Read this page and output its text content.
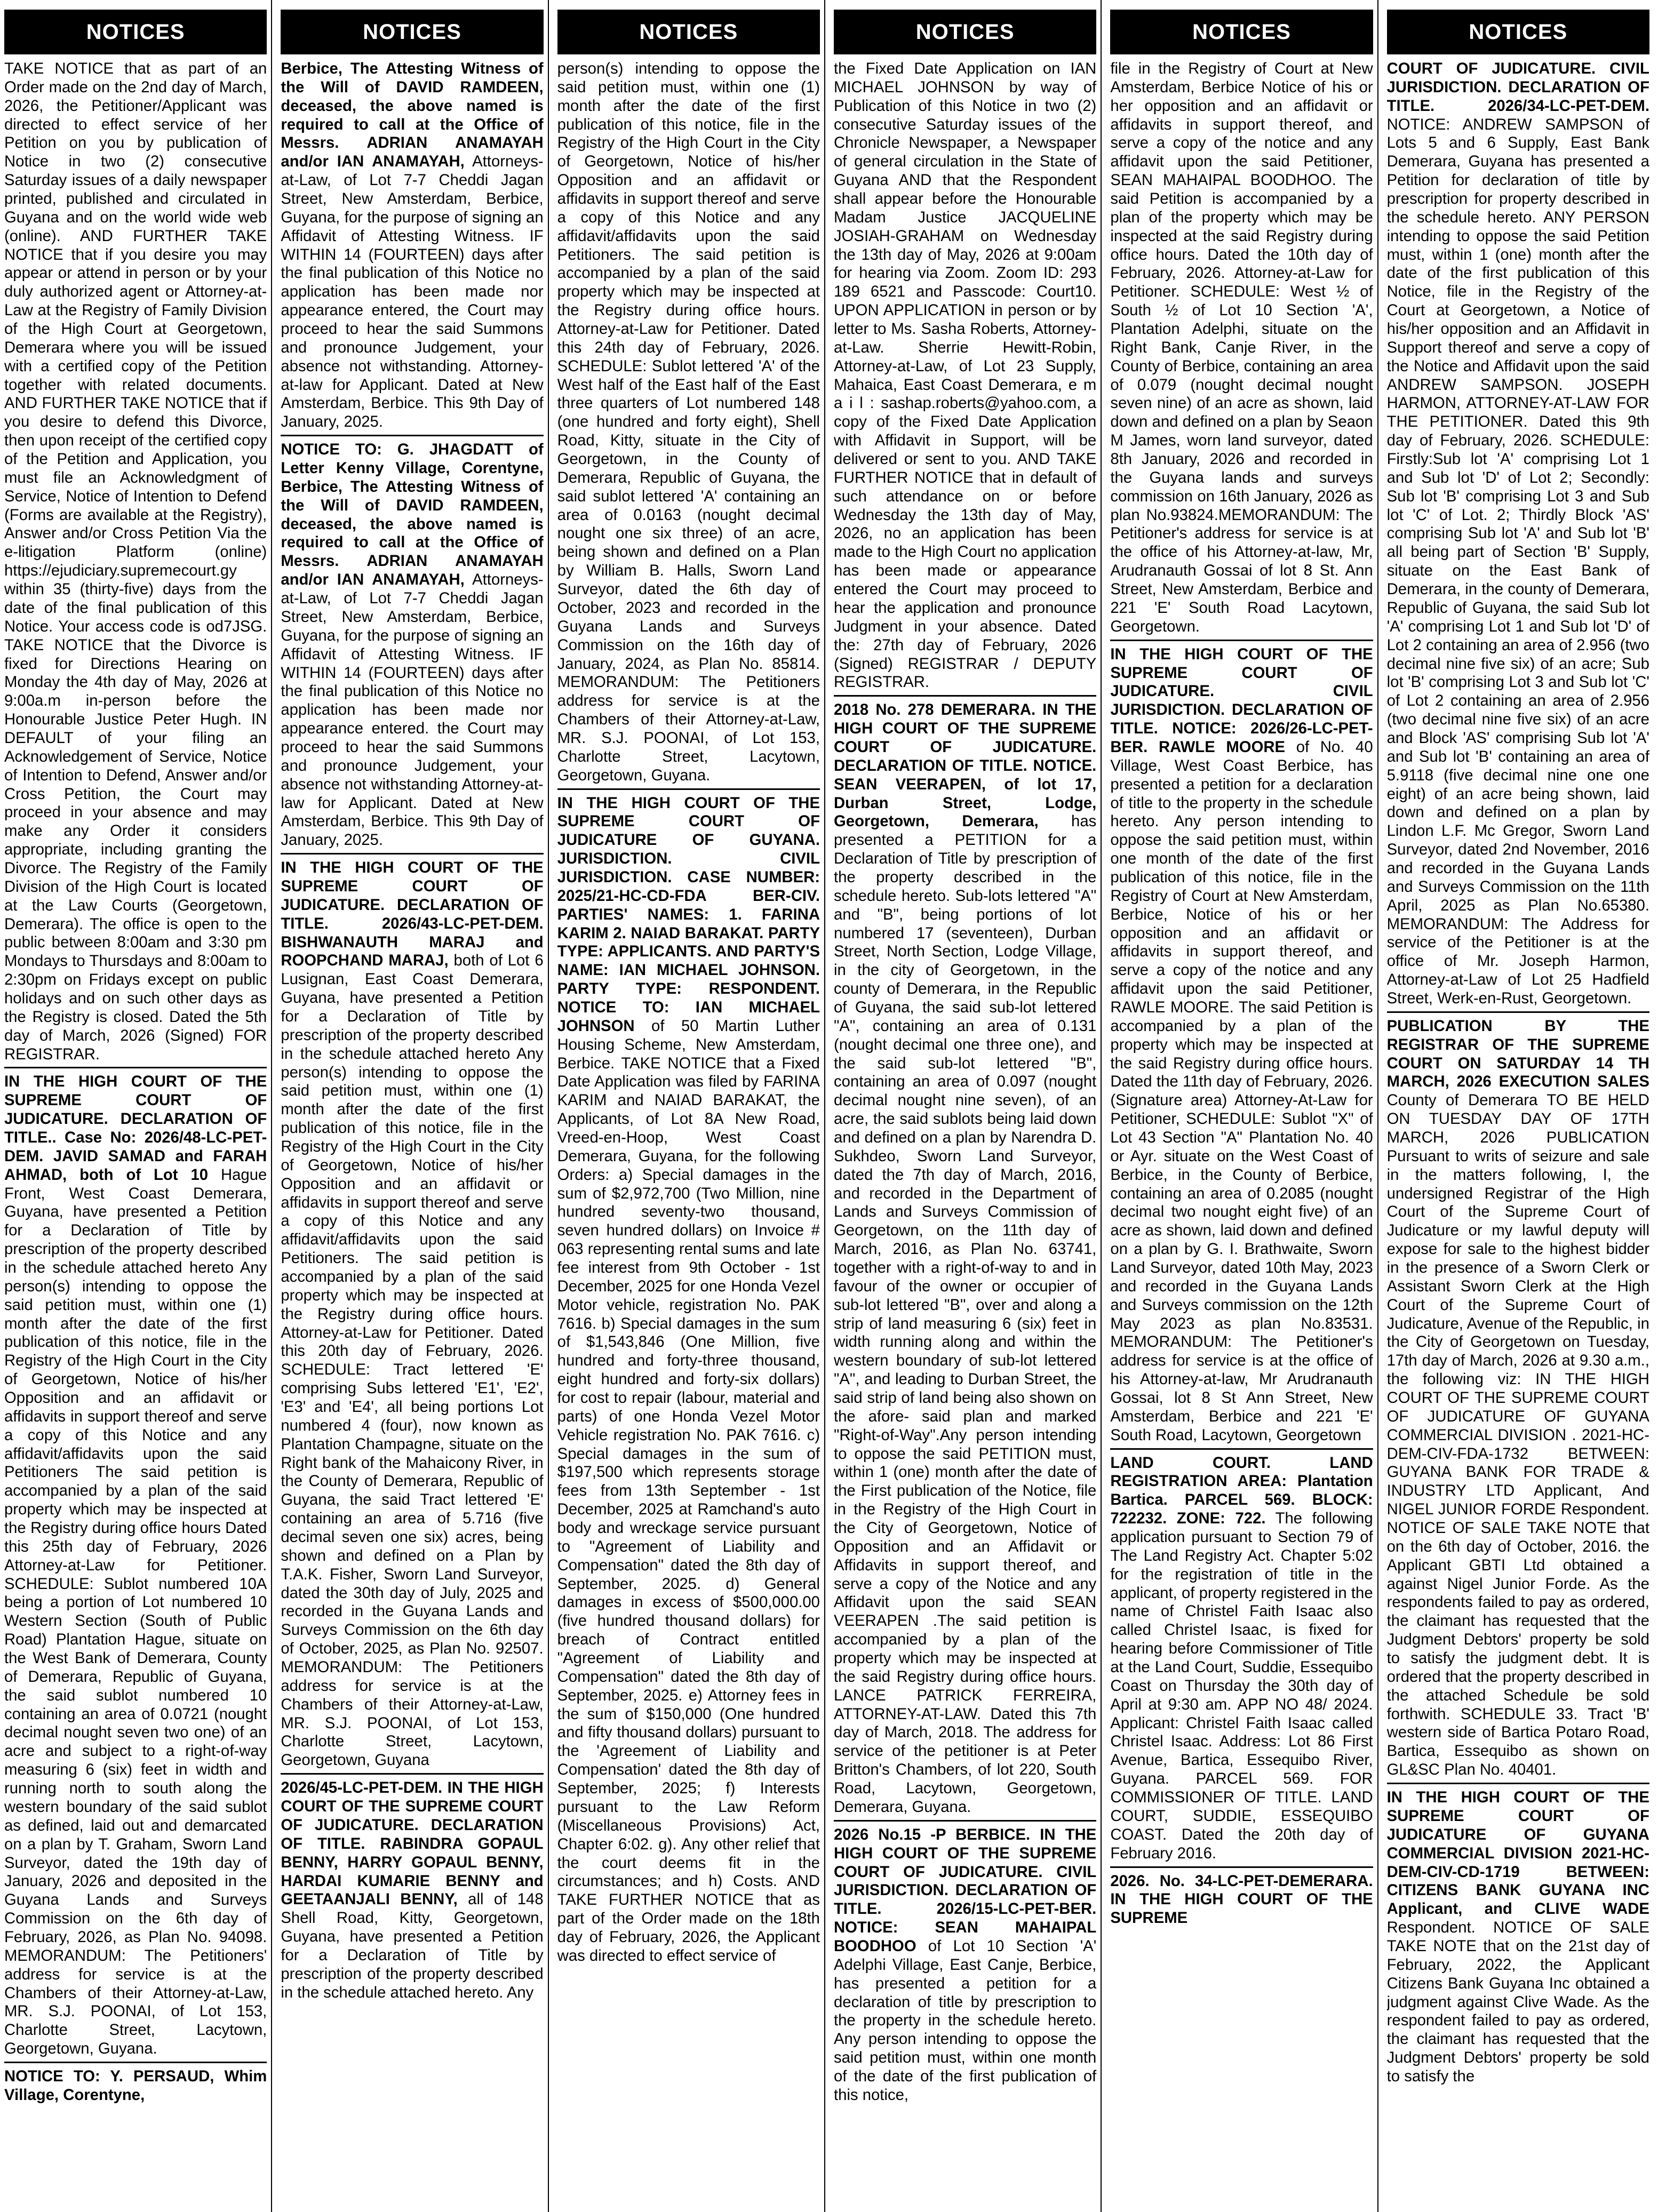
NOTICES
TAKE NOTICE that as part of an Order made on the 2nd day of March, 2026, the Petitioner/Applicant was directed to effect service of her Petition on you by publication of Notice in two (2) consecutive Saturday issues of a daily newspaper printed, published and circulated in Guyana and on the world wide web (online). AND FURTHER TAKE NOTICE that if you desire you may appear or attend in person or by your duly authorized agent or Attorney-at-Law at the Registry of Family Division of the High Court at Georgetown, Demerara where you will be issued with a certified copy of the Petition together with related documents. AND FURTHER TAKE NOTICE that if you desire to defend this Divorce, then upon receipt of the certified copy of the Petition and Application, you must file an Acknowledgment of Service, Notice of Intention to Defend (Forms are available at the Registry), Answer and/or Cross Petition Via the e-litigation Platform (online) https://ejudiciary.supremecourt.gy within 35 (thirty-five) days from the date of the final publication of this Notice. Your access code is od7JSG. TAKE NOTICE that the Divorce is fixed for Directions Hearing on Monday the 4th day of May, 2026 at 9:00a.m in-person before the Honourable Justice Peter Hugh. IN DEFAULT of your filing an Acknowledgement of Service, Notice of Intention to Defend, Answer and/or Cross Petition, the Court may proceed in your absence and may make any Order it considers appropriate, including granting the Divorce. The Registry of the Family Division of the High Court is located at the Law Courts (Georgetown, Demerara). The office is open to the public between 8:00am and 3:30 pm Mondays to Thursdays and 8:00am to 2:30pm on Fridays except on public holidays and on such other days as the Registry is closed. Dated the 5th day of March, 2026 (Signed) FOR REGISTRAR.
IN THE HIGH COURT OF THE SUPREME COURT OF JUDICATURE. DECLARATION OF TITLE.. Case No: 2026/48-LC-PET-DEM. JAVID SAMAD and FARAH AHMAD, both of Lot 10 Hague Front, West Coast Demerara, Guyana, have presented a Petition for a Declaration of Title by prescription of the property described in the schedule attached hereto Any person(s) intending to oppose the said petition must, within one (1) month after the date of the first publication of this notice, file in the Registry of the High Court in the City of Georgetown, Notice of his/her Opposition and an affidavit or affidavits in support thereof and serve a copy of this Notice and any affidavit/affidavits upon the said Petitioners The said petition is accompanied by a plan of the said property which may be inspected at the Registry during office hours Dated this 25th day of February, 2026 Attorney-at-Law for Petitioner. SCHEDULE: Sublot numbered 10A being a portion of Lot numbered 10 Western Section (South of Public Road) Plantation Hague, situate on the West Bank of Demerara, County of Demerara, Republic of Guyana, the said sublot numbered 10 containing an area of 0.0721 (nought decimal nought seven two one) of an acre and subject to a right-of-way measuring 6 (six) feet in width and running north to south along the western boundary of the said sublot as defined, laid out and demarcated on a plan by T. Graham, Sworn Land Surveyor, dated the 19th day of January, 2026 and deposited in the Guyana Lands and Surveys Commission on the 6th day of February, 2026, as Plan No. 94098. MEMORANDUM: The Petitioners' address for service is at the Chambers of their Attorney-at-Law, MR. S.J. POONAI, of Lot 153, Charlotte Street, Lacytown, Georgetown, Guyana.
NOTICE TO: Y. PERSAUD, Whim Village, Corentyne,
NOTICES
Berbice, The Attesting Witness of the Will of DAVID RAMDEEN, deceased, the above named is required to call at the Office of Messrs. ADRIAN ANAMAYAH and/or IAN ANAMAYAH, Attorneys-at-Law, of Lot 7-7 Cheddi Jagan Street, New Amsterdam, Berbice, Guyana, for the purpose of signing an Affidavit of Attesting Witness. IF WITHIN 14 (FOURTEEN) days after the final publication of this Notice no application has been made nor appearance entered, the Court may proceed to hear the said Summons and pronounce Judgement, your absence not withstanding. Attorney-at-law for Applicant. Dated at New Amsterdam, Berbice. This 9th Day of January, 2025.
NOTICE TO: G. JHAGDATT of Letter Kenny Village, Corentyne, Berbice, The Attesting Witness of the Will of DAVID RAMDEEN, deceased, the above named is required to call at the Office of Messrs. ADRIAN ANAMAYAH and/or IAN ANAMAYAH, Attorneys-at-Law, of Lot 7-7 Cheddi Jagan Street, New Amsterdam, Berbice, Guyana, for the purpose of signing an Affidavit of Attesting Witness. IF WITHIN 14 (FOURTEEN) days after the final publication of this Notice no application has been made nor appearance entered. the Court may proceed to hear the said Summons and pronounce Judgement, your absence not withstanding Attorney-at-law for Applicant. Dated at New Amsterdam, Berbice. This 9th Day of January, 2025.
IN THE HIGH COURT OF THE SUPREME COURT OF JUDICATURE. DECLARATION OF TITLE. 2026/43-LC-PET-DEM. BISHWANAUTH MARAJ and ROOPCHAND MARAJ, both of Lot 6 Lusignan, East Coast Demerara, Guyana, have presented a Petition for a Declaration of Title by prescription of the property described in the schedule attached hereto Any person(s) intending to oppose the said petition must, within one (1) month after the date of the first publication of this notice, file in the Registry of the High Court in the City of Georgetown, Notice of his/her Opposition and an affidavit or affidavits in support thereof and serve a copy of this Notice and any affidavit/affidavits upon the said Petitioners. The said petition is accompanied by a plan of the said property which may be inspected at the Registry during office hours. Attorney-at-Law for Petitioner. Dated this 20th day of February, 2026. SCHEDULE: Tract lettered 'E' comprising Subs lettered 'E1', 'E2', 'E3' and 'E4', all being portions Lot numbered 4 (four), now known as Plantation Champagne, situate on the Right bank of the Mahaicony River, in the County of Demerara, Republic of Guyana, the said Tract lettered 'E' containing an area of 5.716 (five decimal seven one six) acres, being shown and defined on a Plan by T.A.K. Fisher, Sworn Land Surveyor, dated the 30th day of July, 2025 and recorded in the Guyana Lands and Surveys Commission on the 6th day of October, 2025, as Plan No. 92507. MEMORANDUM: The Petitioners address for service is at the Chambers of their Attorney-at-Law, MR. S.J. POONAI, of Lot 153, Charlotte Street, Lacytown, Georgetown, Guyana
2026/45-LC-PET-DEM. IN THE HIGH COURT OF THE SUPREME COURT OF JUDICATURE. DECLARATION OF TITLE. RABINDRA GOPAUL BENNY, HARRY GOPAUL BENNY, HARDAI KUMARIE BENNY and GEETAANJALI BENNY, all of 148 Shell Road, Kitty, Georgetown, Guyana, have presented a Petition for a Declaration of Title by prescription of the property described in the schedule attached hereto. Any
NOTICES
person(s) intending to oppose the said petition must, within one (1) month after the date of the first publication of this notice, file in the Registry of the High Court in the City of Georgetown, Notice of his/her Opposition and an affidavit or affidavits in support thereof and serve a copy of this Notice and any affidavit/affidavits upon the said Petitioners. The said petition is accompanied by a plan of the said property which may be inspected at the Registry during office hours. Attorney-at-Law for Petitioner. Dated this 24th day of February, 2026. SCHEDULE: Sublot lettered 'A' of the West half of the East half of the East three quarters of Lot numbered 148 (one hundred and forty eight), Shell Road, Kitty, situate in the City of Georgetown, in the County of Demerara, Republic of Guyana, the said sublot lettered 'A' containing an area of 0.0163 (nought decimal nought one six three) of an acre, being shown and defined on a Plan by William B. Halls, Sworn Land Surveyor, dated the 6th day of October, 2023 and recorded in the Guyana Lands and Surveys Commission on the 16th day of January, 2024, as Plan No. 85814. MEMORANDUM: The Petitioners address for service is at the Chambers of their Attorney-at-Law, MR. S.J. POONAI, of Lot 153, Charlotte Street, Lacytown, Georgetown, Guyana.
IN THE HIGH COURT OF THE SUPREME COURT OF JUDICATURE OF GUYANA. JURISDICTION. CIVIL JURISDICTION. CASE NUMBER: 2025/21-HC-CD-FDA BER-CIV. PARTIES' NAMES: 1. FARINA KARIM 2. NAIAD BARAKAT. PARTY TYPE: APPLICANTS. AND PARTY'S NAME: IAN MICHAEL JOHNSON. PARTY TYPE: RESPONDENT. NOTICE TO: IAN MICHAEL JOHNSON of 50 Martin Luther Housing Scheme, New Amsterdam, Berbice. TAKE NOTICE that a Fixed Date Application was filed by FARINA KARIM and NAIAD BARAKAT, the Applicants, of Lot 8A New Road, Vreed-en-Hoop, West Coast Demerara, Guyana, for the following Orders: a) Special damages in the sum of $2,972,700 (Two Million, nine hundred seventy-two thousand, seven hundred dollars) on Invoice # 063 representing rental sums and late fee interest from 9th October - 1st December, 2025 for one Honda Vezel Motor vehicle, registration No. PAK 7616. b) Special damages in the sum of $1,543,846 (One Million, five hundred and forty-three thousand, eight hundred and forty-six dollars) for cost to repair (labour, material and parts) of one Honda Vezel Motor Vehicle registration No. PAK 7616. c) Special damages in the sum of $197,500 which represents storage fees from 13th September - 1st December, 2025 at Ramchand's auto body and wreckage service pursuant to "Agreement of Liability and Compensation" dated the 8th day of September, 2025. d) General damages in excess of $500,000.00 (five hundred thousand dollars) for breach of Contract entitled "Agreement of Liability and Compensation" dated the 8th day of September, 2025. e) Attorney fees in the sum of $150,000 (One hundred and fifty thousand dollars) pursuant to the 'Agreement of Liability and Compensation' dated the 8th day of September, 2025; f) Interests pursuant to the Law Reform (Miscellaneous Provisions) Act, Chapter 6:02. g). Any other relief that the court deems fit in the circumstances; and h) Costs. AND TAKE FURTHER NOTICE that as part of the Order made on the 18th day of February, 2026, the Applicant was directed to effect service of
NOTICES
the Fixed Date Application on IAN MICHAEL JOHNSON by way of Publication of this Notice in two (2) consecutive Saturday issues of the Chronicle Newspaper, a Newspaper of general circulation in the State of Guyana AND that the Respondent shall appear before the Honourable Madam Justice JACQUELINE JOSIAH-GRAHAM on Wednesday the 13th day of May, 2026 at 9:00am for hearing via Zoom. Zoom ID: 293 189 6521 and Passcode: Court10. UPON APPLICATION in person or by letter to Ms. Sasha Roberts, Attorney-at-Law. Sherrie Hewitt-Robin, Attorney-at-Law, of Lot 23 Supply, Mahaica, East Coast Demerara, e m a i l : sashap.roberts@yahoo.com, a copy of the Fixed Date Application with Affidavit in Support, will be delivered or sent to you. AND TAKE FURTHER NOTICE that in default of such attendance on or before Wednesday the 13th day of May, 2026, no an application has been made to the High Court no application has been made or appearance entered the Court may proceed to hear the application and pronounce Judgment in your absence. Dated the: 27th day of February, 2026 (Signed) REGISTRAR / DEPUTY REGISTRAR.
2018 No. 278 DEMERARA. IN THE HIGH COURT OF THE SUPREME COURT OF JUDICATURE. DECLARATION OF TITLE. NOTICE. SEAN VEERAPEN, of lot 17, Durban Street, Lodge, Georgetown, Demerara, has presented a PETITION for a Declaration of Title by prescription of the property described in the schedule hereto. Sub-lots lettered "A" and "B", being portions of lot numbered 17 (seventeen), Durban Street, North Section, Lodge Village, in the city of Georgetown, in the county of Demerara, in the Republic of Guyana, the said sub-lot lettered "A", containing an area of 0.131 (nought decimal one three one), and the said sub-lot lettered "B", containing an area of 0.097 (nought decimal nought nine seven), of an acre, the said sublots being laid down and defined on a plan by Narendra D. Sukhdeo, Sworn Land Surveyor, dated the 7th day of March, 2016, and recorded in the Department of Lands and Surveys Commission of Georgetown, on the 11th day of March, 2016, as Plan No. 63741, together with a right-of-way to and in favour of the owner or occupier of sub-lot lettered "B", over and along a strip of land measuring 6 (six) feet in width running along and within the western boundary of sub-lot lettered "A", and leading to Durban Street, the said strip of land being also shown on the afore- said plan and marked "Right-of-Way".Any person intending to oppose the said PETITION must, within 1 (one) month after the date of the First publication of the Notice, file in the Registry of the High Court in the City of Georgetown, Notice of Opposition and an Affidavit or Affidavits in support thereof, and serve a copy of the Notice and any Affidavit upon the said SEAN VEERAPEN .The said petition is accompanied by a plan of the property which may be inspected at the said Registry during office hours. LANCE PATRICK FERREIRA, ATTORNEY-AT-LAW. Dated this 7th day of March, 2018. The address for service of the petitioner is at Peter Britton's Chambers, of lot 220, South Road, Lacytown, Georgetown, Demerara, Guyana.
2026 No.15 -P BERBICE. IN THE HIGH COURT OF THE SUPREME COURT OF JUDICATURE. CIVIL JURISDICTION. DECLARATION OF TITLE. 2026/15-LC-PET-BER. NOTICE: SEAN MAHAIPAL BOODHOO of Lot 10 Section 'A' Adelphi Village, East Canje, Berbice, has presented a petition for a declaration of title by prescription to the property in the schedule hereto. Any person intending to oppose the said petition must, within one month of the date of the first publication of this notice,
NOTICES
file in the Registry of Court at New Amsterdam, Berbice Notice of his or her opposition and an affidavit or affidavits in support thereof, and serve a copy of the notice and any affidavit upon the said Petitioner, SEAN MAHAIPAL BOODHOO. The said Petition is accompanied by a plan of the property which may be inspected at the said Registry during office hours. Dated the 10th day of February, 2026. Attorney-at-Law for Petitioner. SCHEDULE: West ½ of South ½ of Lot 10 Section 'A', Plantation Adelphi, situate on the Right Bank, Canje River, in the County of Berbice, containing an area of 0.079 (nought decimal nought seven nine) of an acre as shown, laid down and defined on a plan by Seaon M James, worn land surveyor, dated 8th January, 2026 and recorded in the Guyana lands and surveys commission on 16th January, 2026 as plan No.93824.MEMORANDUM: The Petitioner's address for service is at the office of his Attorney-at-law, Mr, Arudranauth Gossai of lot 8 St. Ann Street, New Amsterdam, Berbice and 221 'E' South Road Lacytown, Georgetown.
IN THE HIGH COURT OF THE SUPREME COURT OF JUDICATURE. CIVIL JURISDICTION. DECLARATION OF TITLE. NOTICE: 2026/26-LC-PET-BER. RAWLE MOORE of No. 40 Village, West Coast Berbice, has presented a petition for a declaration of title to the property in the schedule hereto. Any person intending to oppose the said petition must, within one month of the date of the first publication of this notice, file in the Registry of Court at New Amsterdam, Berbice, Notice of his or her opposition and an affidavit or affidavits in support thereof, and serve a copy of the notice and any affidavit upon the said Petitioner, RAWLE MOORE. The said Petition is accompanied by a plan of the property which may be inspected at the said Registry during office hours. Dated the 11th day of February, 2026. (Signature area) Attorney-At-Law for Petitioner, SCHEDULE: Sublot "X" of Lot 43 Section "A" Plantation No. 40 or Ayr. situate on the West Coast of Berbice, in the County of Berbice, containing an area of 0.2085 (nought decimal two nought eight five) of an acre as shown, laid down and defined on a plan by G. I. Brathwaite, Sworn Land Surveyor, dated 10th May, 2023 and recorded in the Guyana Lands and Surveys commission on the 12th May 2023 as plan No.83531. MEMORANDUM: The Petitioner's address for service is at the office of his Attorney-at-law, Mr Arudranauth Gossai, lot 8 St Ann Street, New Amsterdam, Berbice and 221 'E' South Road, Lacytown, Georgetown
LAND COURT. LAND REGISTRATION AREA: Plantation Bartica. PARCEL 569. BLOCK: 722232. ZONE: 722. The following application pursuant to Section 79 of The Land Registry Act. Chapter 5:02 for the registration of title in the applicant, of property registered in the name of Christel Faith Isaac also called Christel Isaac, is fixed for hearing before Commissioner of Title at the Land Court, Suddie, Essequibo Coast on Thursday the 30th day of April at 9:30 am. APP NO 48/ 2024. Applicant: Christel Faith Isaac called Christel Isaac. Address: Lot 86 First Avenue, Bartica, Essequibo River, Guyana. PARCEL 569. FOR COMMISSIONER OF TITLE. LAND COURT, SUDDIE, ESSEQUIBO COAST. Dated the 20th day of February 2016.
2026. No. 34-LC-PET-DEMERARA. IN THE HIGH COURT OF THE SUPREME
NOTICES
COURT OF JUDICATURE. CIVIL JURISDICTION. DECLARATION OF TITLE. 2026/34-LC-PET-DEM. NOTICE: ANDREW SAMPSON of Lots 5 and 6 Supply, East Bank Demerara, Guyana has presented a Petition for declaration of title by prescription for property described in the schedule hereto. ANY PERSON intending to oppose the said Petition must, within 1 (one) month after the date of the first publication of this Notice, file in the Registry of the Court at Georgetown, a Notice of his/her opposition and an Affidavit in Support thereof and serve a copy of the Notice and Affidavit upon the said ANDREW SAMPSON. JOSEPH HARMON, ATTORNEY-AT-LAW FOR THE PETITIONER. Dated this 9th day of February, 2026. SCHEDULE: Firstly:Sub lot 'A' comprising Lot 1 and Sub lot 'D' of Lot 2; Secondly: Sub lot 'B' comprising Lot 3 and Sub lot 'C' of Lot. 2; Thirdly Block 'AS' comprising Sub lot 'A' and Sub lot 'B' all being part of Section 'B' Supply, situate on the East Bank of Demerara, in the county of Demerara, Republic of Guyana, the said Sub lot 'A' comprising Lot 1 and Sub lot 'D' of Lot 2 containing an area of 2.956 (two decimal nine five six) of an acre; Sub lot 'B' comprising Lot 3 and Sub lot 'C' of Lot 2 containing an area of 2.956 (two decimal nine five six) of an acre and Block 'AS' comprising Sub lot 'A' and Sub lot 'B' containing an area of 5.9118 (five decimal nine one one eight) of an acre being shown, laid down and defined on a plan by Lindon L.F. Mc Gregor, Sworn Land Surveyor, dated 2nd November, 2016 and recorded in the Guyana Lands and Surveys Commission on the 11th April, 2025 as Plan No.65380. MEMORANDUM: The Address for service of the Petitioner is at the office of Mr. Joseph Harmon, Attorney-at-Law of Lot 25 Hadfield Street, Werk-en-Rust, Georgetown.
PUBLICATION BY THE REGISTRAR OF THE SUPREME COURT ON SATURDAY 14 TH MARCH, 2026 EXECUTION SALES County of Demerara TO BE HELD ON TUESDAY DAY OF 17TH MARCH, 2026 PUBLICATION Pursuant to writs of seizure and sale in the matters following, I, the undersigned Registrar of the High Court of the Supreme Court of Judicature or my lawful deputy will expose for sale to the highest bidder in the presence of a Sworn Clerk or Assistant Sworn Clerk at the High Court of the Supreme Court of Judicature, Avenue of the Republic, in the City of Georgetown on Tuesday, 17th day of March, 2026 at 9.30 a.m., the following viz: IN THE HIGH COURT OF THE SUPREME COURT OF JUDICATURE OF GUYANA COMMERCIAL DIVISION . 2021-HC-DEM-CIV-FDA-1732 BETWEEN: GUYANA BANK FOR TRADE & INDUSTRY LTD Applicant, And NIGEL JUNIOR FORDE Respondent. NOTICE OF SALE TAKE NOTE that on the 6th day of October, 2016. the Applicant GBTI Ltd obtained a against Nigel Junior Forde. As the respondents failed to pay as ordered, the claimant has requested that the Judgment Debtors' property be sold to satisfy the judgment debt. It is ordered that the property described in the attached Schedule be sold forthwith. SCHEDULE 33. Tract 'B' western side of Bartica Potaro Road, Bartica, Essequibo as shown on GL&SC Plan No. 40401.
IN THE HIGH COURT OF THE SUPREME COURT OF JUDICATURE OF GUYANA COMMERCIAL DIVISION 2021-HC-DEM-CIV-CD-1719 BETWEEN: CITIZENS BANK GUYANA INC Applicant, and CLIVE WADE Respondent. NOTICE OF SALE TAKE NOTE that on the 21st day of February, 2022, the Applicant Citizens Bank Guyana Inc obtained a judgment against Clive Wade. As the respondent failed to pay as ordered, the claimant has requested that the Judgment Debtors' property be sold to satisfy the
